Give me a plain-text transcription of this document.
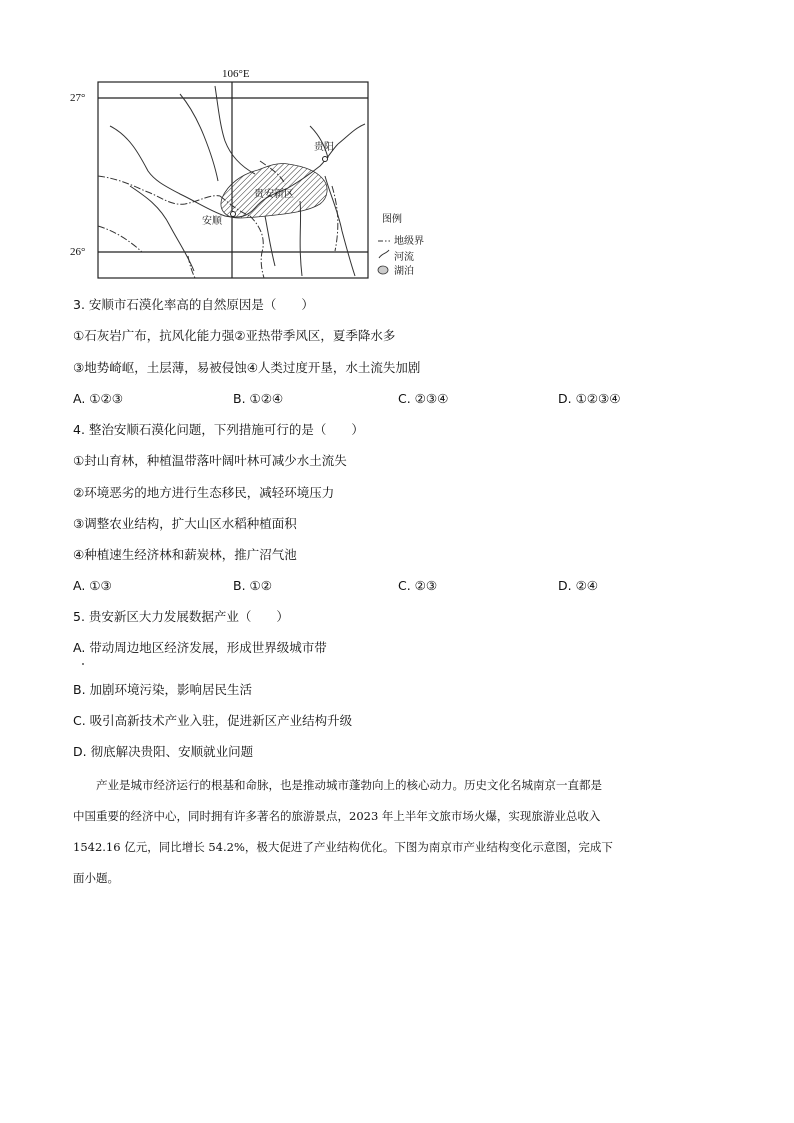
106°E
27°
26°
贵阳
安顺
贵安新区
图例
地级界
河流
湖泊
3. 安顺市石漠化率高的自然原因是（　　）
①石灰岩广布，抗风化能力强②亚热带季风区，夏季降水多
③地势崎岖，土层薄，易被侵蚀④人类过度开垦，水土流失加剧
A. ①②③	B. ①②④	C. ②③④	D. ①②③④
4. 整治安顺石漠化问题，下列措施可行的是（　　）
①封山育林，种植温带落叶阔叶林可减少水土流失
②环境恶劣的地方进行生态移民，减轻环境压力
③调整农业结构，扩大山区水稻种植面积
④种植速生经济林和薪炭林，推广沼气池
A. ①③	B. ①②	C. ②③	D. ②④
5. 贵安新区大力发展数据产业（　　）
A. 带动周边地区经济发展，形成世界级城市带
B. 加剧环境污染，影响居民生活
C. 吸引高新技术产业入驻，促进新区产业结构升级
D. 彻底解决贵阳、安顺就业问题
　　产业是城市经济运行的根基和命脉，也是推动城市蓬勃向上的核心动力。历史文化名城南京一直都是
中国重要的经济中心，同时拥有许多著名的旅游景点，2023 年上半年文旅市场火爆，实现旅游业总收入
1542.16 亿元，同比增长 54.2%，极大促进了产业结构优化。下图为南京市产业结构变化示意图，完成下
面小题。
